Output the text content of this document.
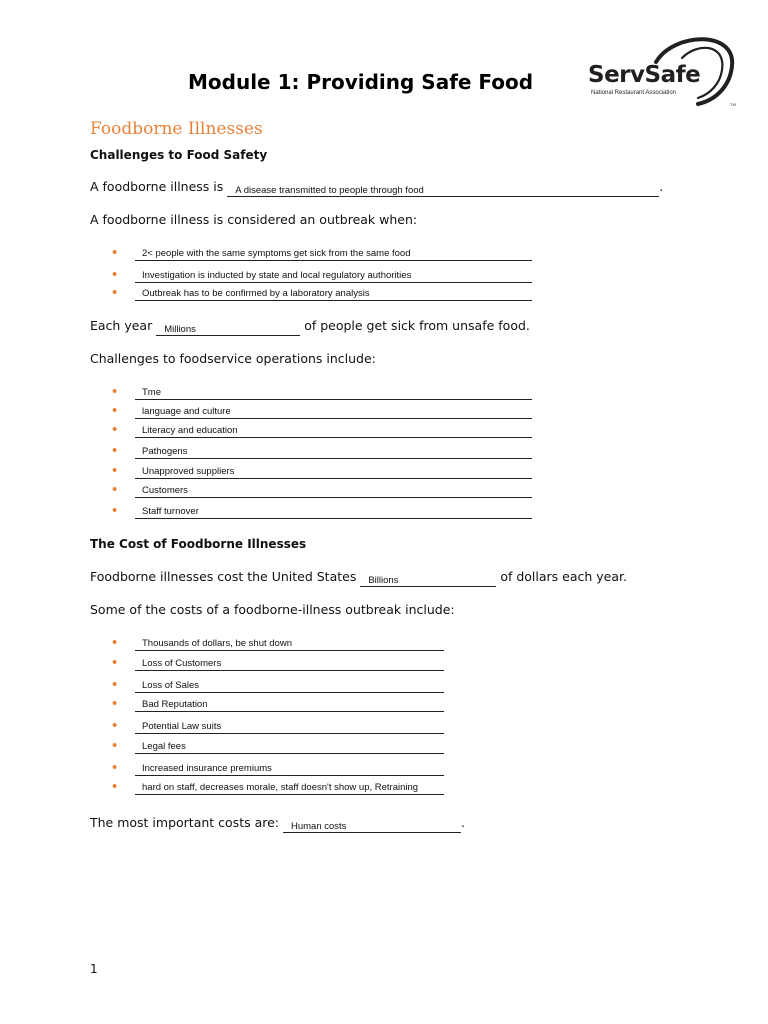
Module 1: Providing Safe Food
TM
ServSafe
National Restaurant Association
Foodborne Illnesses
Challenges to Food Safety
A foodborne illness is A disease transmitted to people through food	.
A foodborne illness is considered an outbreak when:
•	2< people with the same symptoms get sick from the same food
•	Investigation is inducted by state and local regulatory authorities
•	Outbreak has to be confirmed by a laboratory analysis
Each year Millions	of people get sick from unsafe food.
Challenges to foodservice operations include:
•	Tme
•	language and culture
•	Literacy and education
•	Pathogens
•	Unapproved suppliers
•	Customers
•	Staff turnover
The Cost of Foodborne Illnesses
Foodborne illnesses cost the United States Billions	of dollars each year.
Some of the costs of a foodborne-illness outbreak include:
•	Thousands of dollars, be shut down
•	Loss of Customers
•	Loss of Sales
•	Bad Reputation
•	Potential Law suits
•	Legal fees
•	Increased insurance premiums
•	hard on staff, decreases morale, staff doesn't show up, Retraining
The most important costs are: Human costs	.
1
